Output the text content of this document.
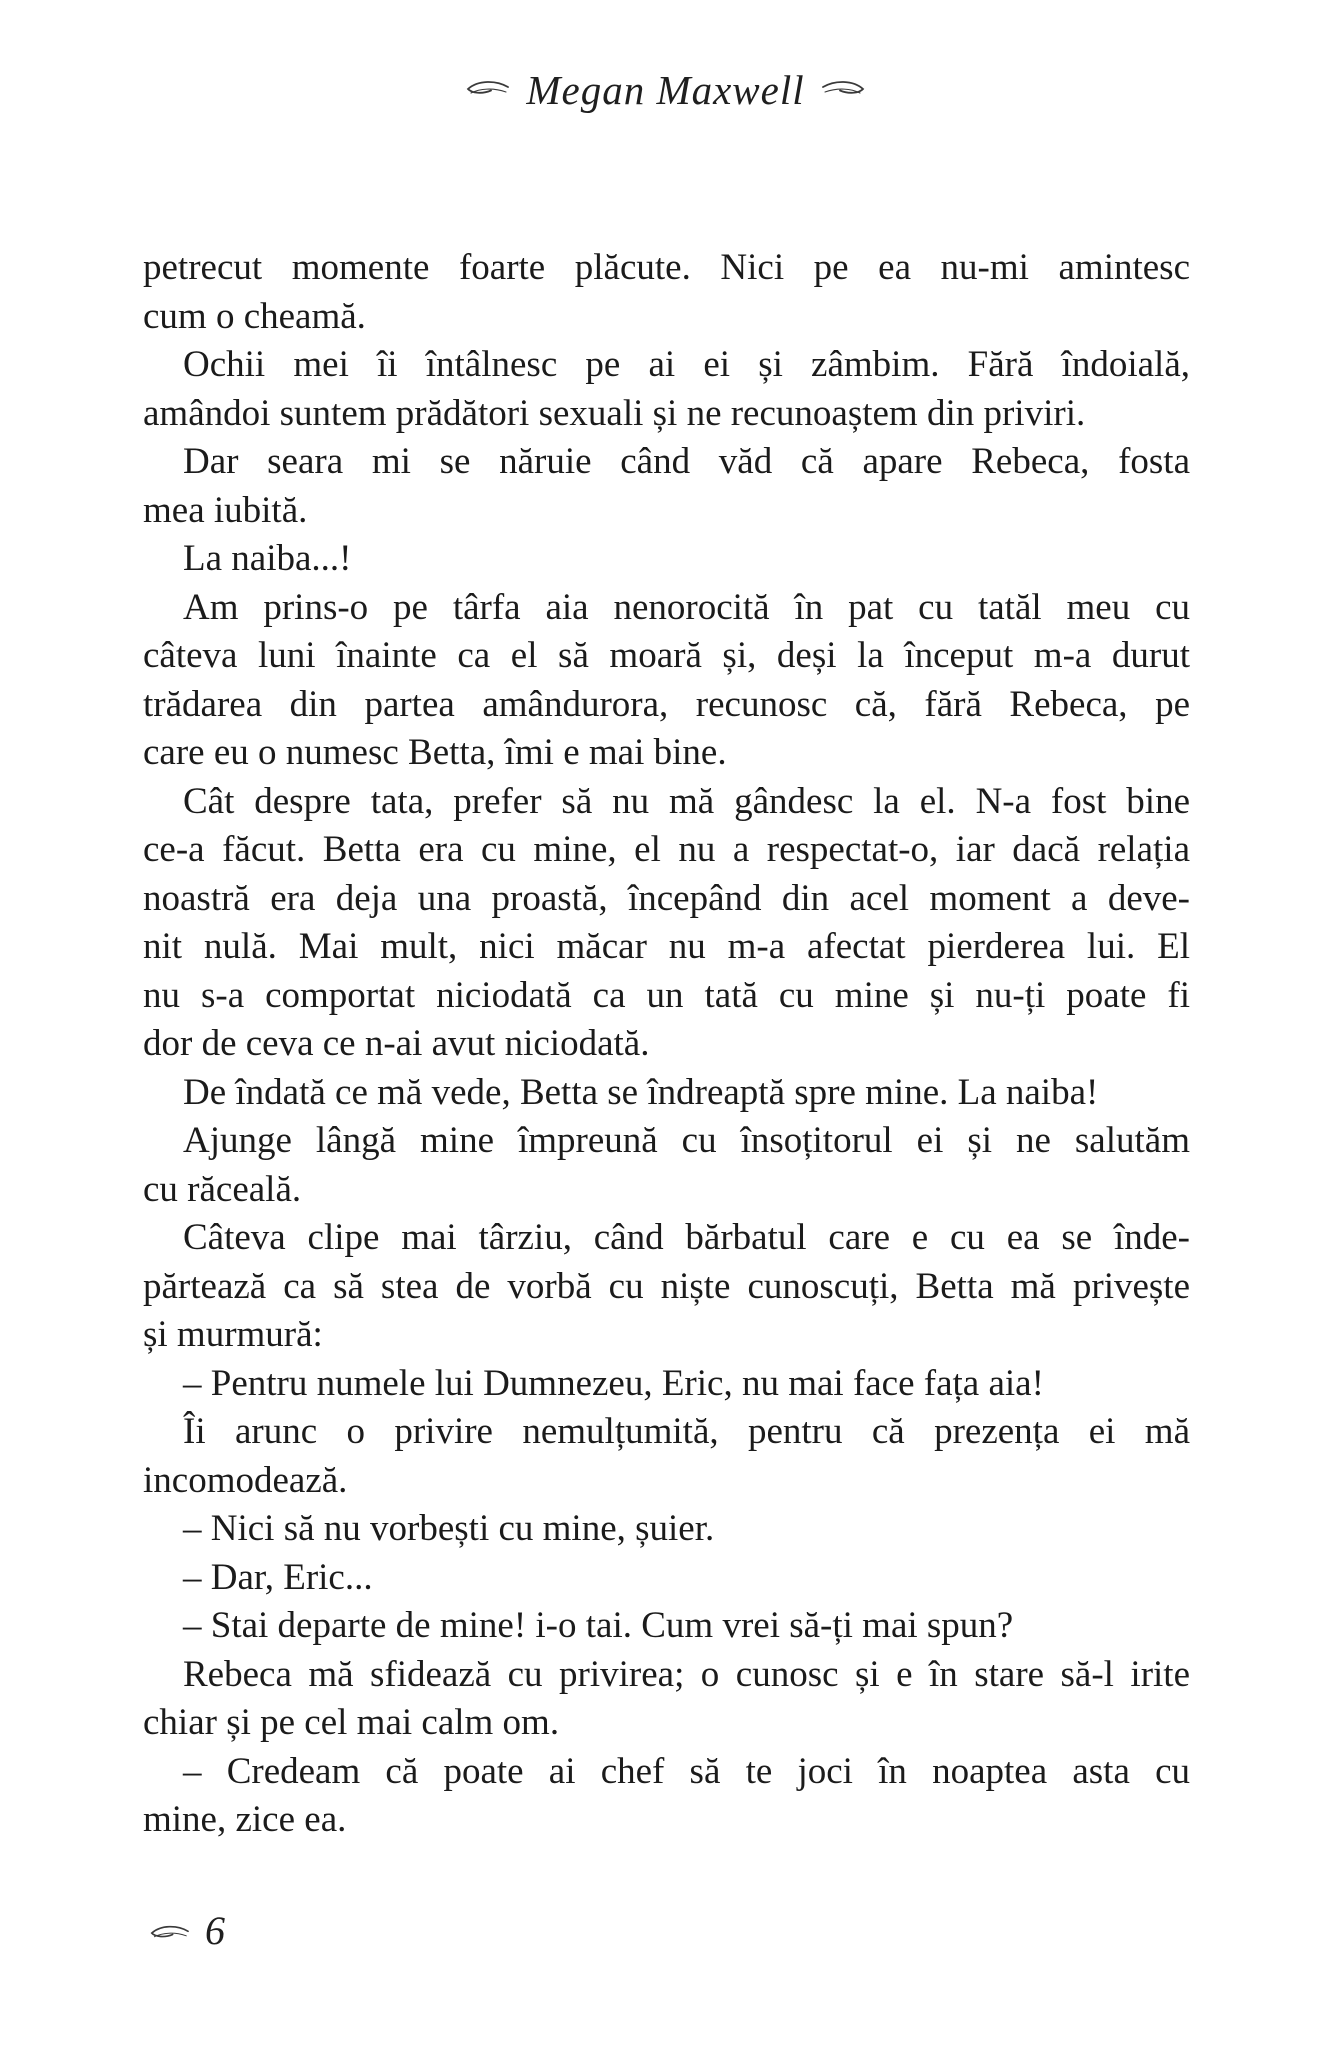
Megan Maxwell
petrecut momente foarte plăcute. Nici pe ea nu-mi amintesc
cum o cheamă.
Ochii mei îi întâlnesc pe ai ei și zâmbim. Fără îndoială,
amândoi suntem prădători sexuali și ne recunoaștem din priviri.
Dar seara mi se năruie când văd că apare Rebeca, fosta
mea iubită.
La naiba...!
Am prins-o pe târfa aia nenorocită în pat cu tatăl meu cu
câteva luni înainte ca el să moară și, deși la început m-a durut
trădarea din partea amândurora, recunosc că, fără Rebeca, pe
care eu o numesc Betta, îmi e mai bine.
Cât despre tata, prefer să nu mă gândesc la el. N-a fost bine
ce-a făcut. Betta era cu mine, el nu a respectat-o, iar dacă relația
noastră era deja una proastă, începând din acel moment a deve-
nit nulă. Mai mult, nici măcar nu m-a afectat pierderea lui. El
nu s-a comportat niciodată ca un tată cu mine și nu-ți poate fi
dor de ceva ce n-ai avut niciodată.
De îndată ce mă vede, Betta se îndreaptă spre mine. La naiba!
Ajunge lângă mine împreună cu însoțitorul ei și ne salutăm
cu răceală.
Câteva clipe mai târziu, când bărbatul care e cu ea se înde-
părtează ca să stea de vorbă cu niște cunoscuți, Betta mă privește
și murmură:
– Pentru numele lui Dumnezeu, Eric, nu mai face fața aia!
Îi arunc o privire nemulțumită, pentru că prezența ei mă
incomodează.
– Nici să nu vorbești cu mine, șuier.
– Dar, Eric...
– Stai departe de mine! i-o tai. Cum vrei să-ți mai spun?
Rebeca mă sfidează cu privirea; o cunosc și e în stare să-l irite
chiar și pe cel mai calm om.
– Credeam că poate ai chef să te joci în noaptea asta cu
mine, zice ea.
6
